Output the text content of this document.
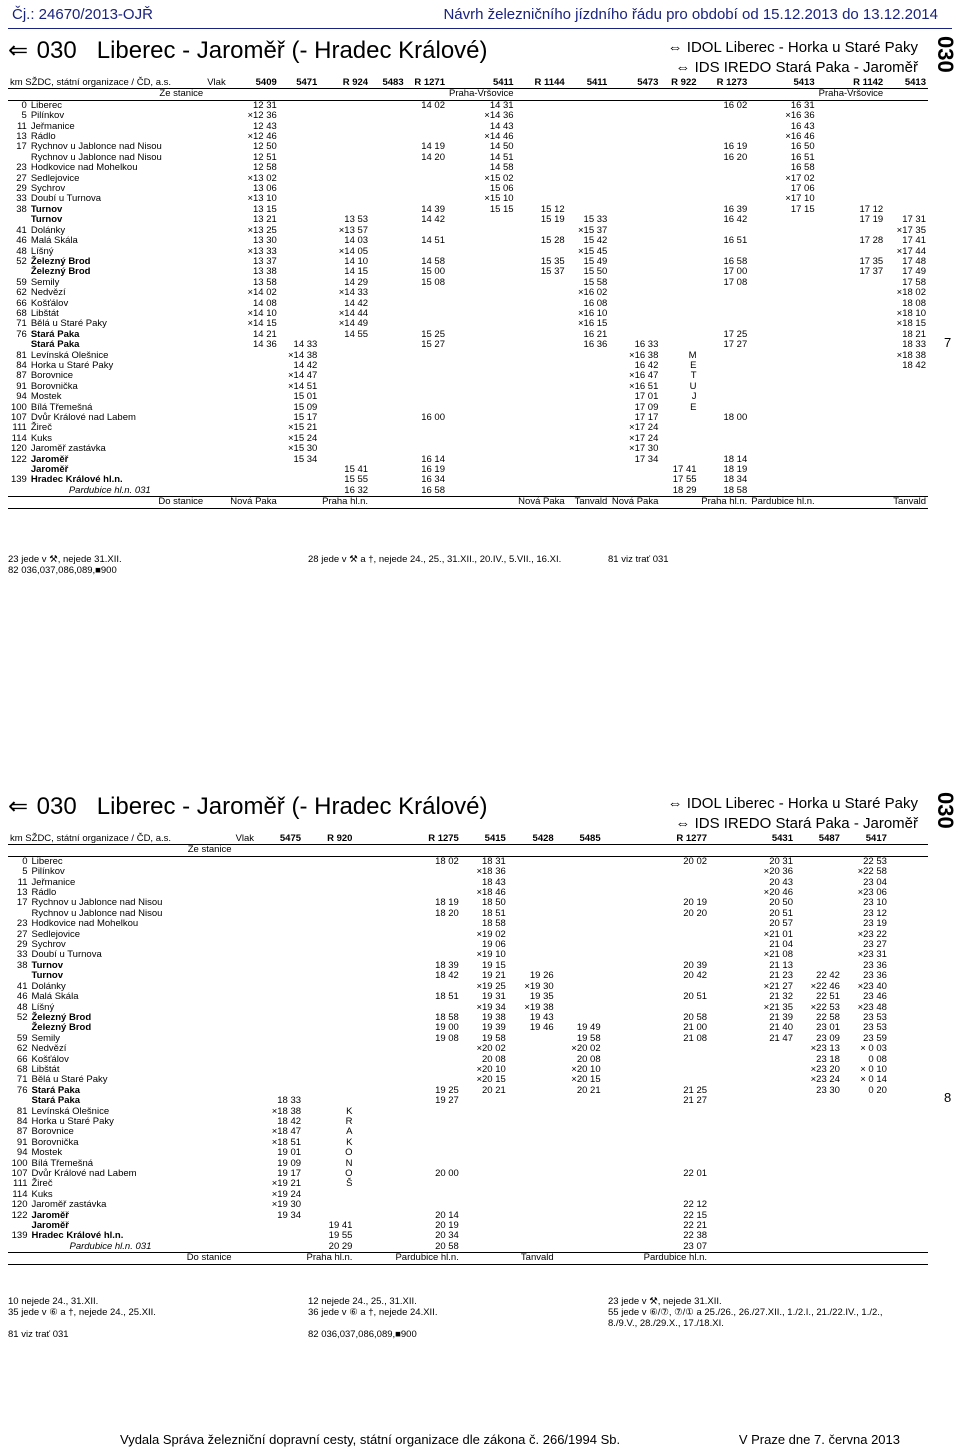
Čj.: 24670/2013-OJŘ	Návrh železničního jízdního řádu pro období od 15.12.2013 do 13.12.2014
⇐ 030 Liberec - Jaroměř (- Hradec Králové)	⇔ IDOL Liberec - Horka u Staré Paky
⇔ IDS IREDO Stará Paka - Jaroměř 030
km SŽDC, státní organizace / ČD, a.s.		Vlak	5409	5471	R 924	5483	R 1271	5411	R 1144	5411	5473	R 922	R 1273	5413	R 1142	5413
Ze stanice								Praha-Vršovice							Praha-Vršovice	
0	Liberec		12 31				14 02	14 31					16 02	16 31		
5	Pilínkov		×12 36					×14 36						×16 36		
11	Jeřmanice		12 43					14 43						16 43		
13	Rádlo		×12 46					×14 46						×16 46		
17	Rychnov u Jablonce nad Nisou		12 50				14 19	14 50					16 19	16 50		
	Rychnov u Jablonce nad Nisou		12 51				14 20	14 51					16 20	16 51		
23	Hodkovice nad Mohelkou		12 58					14 58						16 58		
27	Sedlejovice		×13 02					×15 02						×17 02		
29	Sychrov		13 06					15 06						17 06		
33	Doubí u Turnova		×13 10					×15 10						×17 10		
38	Turnov		13 15				14 39	15 15	15 12				16 39	17 15	17 12	
	Turnov		13 21		13 53		14 42		15 19	15 33			16 42		17 19	17 31
41	Dolánky		×13 25		×13 57					×15 37						×17 35
46	Malá Skála		13 30		14 03		14 51		15 28	15 42			16 51		17 28	17 41
48	Líšný		×13 33		×14 05					×15 45						×17 44
52	Železný Brod		13 37		14 10		14 58		15 35	15 49			16 58		17 35	17 48
	Železný Brod		13 38		14 15		15 00		15 37	15 50			17 00		17 37	17 49
59	Semily		13 58		14 29		15 08			15 58			17 08			17 58
62	Nedvězí		×14 02		×14 33					×16 02						×18 02
66	Košťálov		14 08		14 42					16 08						18 08
68	Libštát		×14 10		×14 44					×16 10						×18 10
71	Bělá u Staré Paky		×14 15		×14 49					×16 15						×18 15
76	Stará Paka		14 21		14 55		15 25			16 21			17 25			18 21
	Stará Paka		14 36	14 33			15 27			16 36	16 33		17 27			18 33
81	Levínská Olešnice			×14 38							×16 38	M				×18 38
84	Horka u Staré Paky			14 42							16 42	E				18 42
87	Borovnice			×14 47							×16 47	T				
91	Borovnička			×14 51							×16 51	U				
94	Mostek			15 01							17 01	J				
100	Bílá Třemešná			15 09							17 09	E				
107	Dvůr Králové nad Labem			15 17			16 00				17 17		18 00			
111	Žireč			×15 21							×17 24					
114	Kuks			×15 24							×17 24					
120	Jaroměř zastávka			×15 30							×17 30					
122	Jaroměř			15 34			16 14				17 34		18 14			
	Jaroměř				15 41		16 19					17 41	18 19			
139	Hradec Králové hl.n.				15 55		16 34					17 55	18 34			
	Pardubice hl.n. 031				16 32		16 58					18 29	18 58			
Do stanice			Nová Paka		Praha hl.n.				Nová Paka	Tanvald	Nová Paka		Praha hl.n.	Pardubice hl.n.		Tanvald
7
23 jede v ⚒, nejede 31.XII.	28 jede v ⚒ a †, nejede 24., 25., 31.XII., 20.IV., 5.VII., 16.XI.	81 viz trať 03182 036,037,086,089,■900
⇐ 030 Liberec - Jaroměř (- Hradec Králové)	⇔ IDOL Liberec - Horka u Staré Paky
⇔ IDS IREDO Stará Paka - Jaroměř 030
km SŽDC, státní organizace / ČD, a.s.		Vlak	5475	R 920		R 1275	5415	5428	5485		R 1277		5431	5487	5417	
Ze stanice																
0	Liberec					18 02	18 31				20 02		20 31		22 53	
5	Pilínkov						×18 36						×20 36		×22 58	
11	Jeřmanice						18 43						20 43		23 04	
13	Rádlo						×18 46						×20 46		×23 06	
17	Rychnov u Jablonce nad Nisou					18 19	18 50				20 19		20 50		23 10	
	Rychnov u Jablonce nad Nisou					18 20	18 51				20 20		20 51		23 12	
23	Hodkovice nad Mohelkou						18 58						20 57		23 19	
27	Sedlejovice						×19 02						×21 01		×23 22	
29	Sychrov						19 06						21 04		23 27	
33	Doubí u Turnova						×19 10						×21 08		×23 31	
38	Turnov					18 39	19 15				20 39		21 13		23 36	
	Turnov					18 42	19 21	19 26			20 42		21 23	22 42	23 36	
41	Dolánky						×19 25	×19 30					×21 27	×22 46	×23 40	
46	Malá Skála					18 51	19 31	19 35			20 51		21 32	22 51	23 46	
48	Líšný						×19 34	×19 38					×21 35	×22 53	×23 48	
52	Železný Brod					18 58	19 38	19 43			20 58		21 39	22 58	23 53	
	Železný Brod					19 00	19 39	19 46	19 49		21 00		21 40	23 01	23 53	
59	Semily					19 08	19 58		19 58		21 08		21 47	23 09	23 59	
62	Nedvězí						×20 02		×20 02					×23 13	× 0 03	
66	Košťálov						20 08		20 08					23 18	0 08	
68	Libštát						×20 10		×20 10					×23 20	× 0 10	
71	Bělá u Staré Paky						×20 15		×20 15					×23 24	× 0 14	
76	Stará Paka					19 25	20 21		20 21		21 25			23 30	0 20	
	Stará Paka		18 33			19 27					21 27					
81	Levínská Olešnice		×18 38	K												
84	Horka u Staré Paky		18 42	R												
87	Borovnice		×18 47	A												
91	Borovnička		×18 51	K												
94	Mostek		19 01	O												
100	Bílá Třemešná		19 09	N												
107	Dvůr Králové nad Labem		19 17	O		20 00					22 01					
111	Žireč		×19 21	Š												
114	Kuks		×19 24													
120	Jaroměř zastávka		×19 30								22 12					
122	Jaroměř		19 34			20 14					22 15					
	Jaroměř			19 41		20 19					22 21					
139	Hradec Králové hl.n.			19 55		20 34					22 38					
	Pardubice hl.n. 031			20 29		20 58					23 07					
Do stanice				Praha hl.n.		Pardubice hl.n.		Tanvald			Pardubice hl.n.					
8
10 nejede 24., 31.XII.	12 nejede 24., 25., 31.XII.	23 jede v ⚒, nejede 31.XII.35 jede v ⑥ a †, nejede 24., 25.XII.	36 jede v ⑥ a †, nejede 24.XII.	55 jede v ⑥/⑦, ⑦/① a 25./26., 26./27.XII., 1./2.I., 21./22.IV., 1./2., 8./9.V., 28./29.X., 17./18.XI.81 viz trať 031	82 036,037,086,089,■900
Vydala Správa železniční dopravní cesty, státní organizace dle zákona č. 266/1994 Sb.	V Praze dne 7. června 2013
